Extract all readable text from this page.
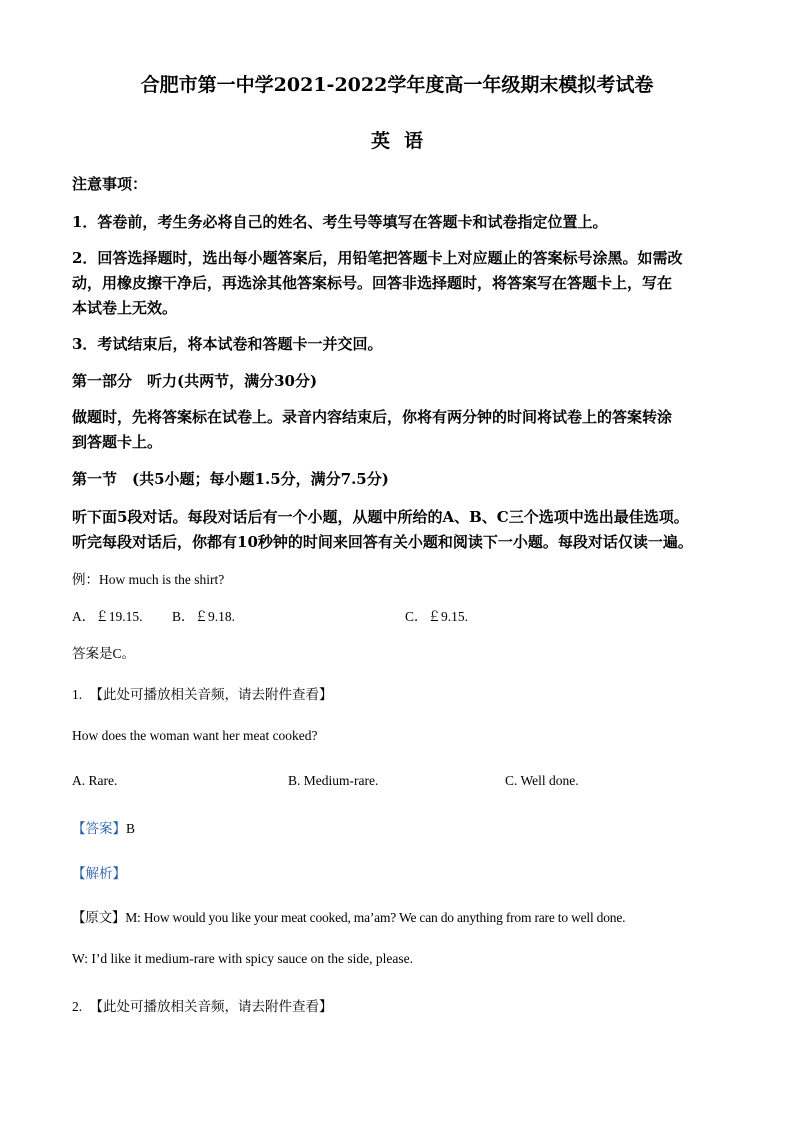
合肥市第一中学2021-2022学年度高一年级期末模拟考试卷
英语
注意事项：
1．答卷前，考生务必将自己的姓名、考生号等填写在答题卡和试卷指定位置上。
2．回答选择题时，选出每小题答案后，用铅笔把答题卡上对应题止的答案标号涂黑。如需改
动，用橡皮擦干净后，再选涂其他答案标号。回答非选择题时，将答案写在答题卡上，写在
本试卷上无效。
3．考试结束后，将本试卷和答题卡一并交回。
第一部分　听力(共两节，满分30分)
做题时，先将答案标在试卷上。录音内容结束后，你将有两分钟的时间将试卷上的答案转涂
到答题卡上。
第一节　(共5小题；每小题1.5分，满分7.5分)
听下面5段对话。每段对话后有一个小题，从题中所给的A、B、C三个选项中选出最佳选项。
听完每段对话后，你都有10秒钟的时间来回答有关小题和阅读下一小题。每段对话仅读一遍。
例：How much is the shirt?
A．￡19.15. B．￡9.18.	C．￡9.15.
答案是C。
1. 【此处可播放相关音频，请去附件查看】
How does the woman want her meat cooked?
A. Rare.	B. Medium-rare.	C. Well done.
【答案】B
【解析】
【原文】M: How would you like your meat cooked, ma’am? We can do anything from rare to well done.
W: I’d like it medium-rare with spicy sauce on the side, please.
2. 【此处可播放相关音频，请去附件查看】
